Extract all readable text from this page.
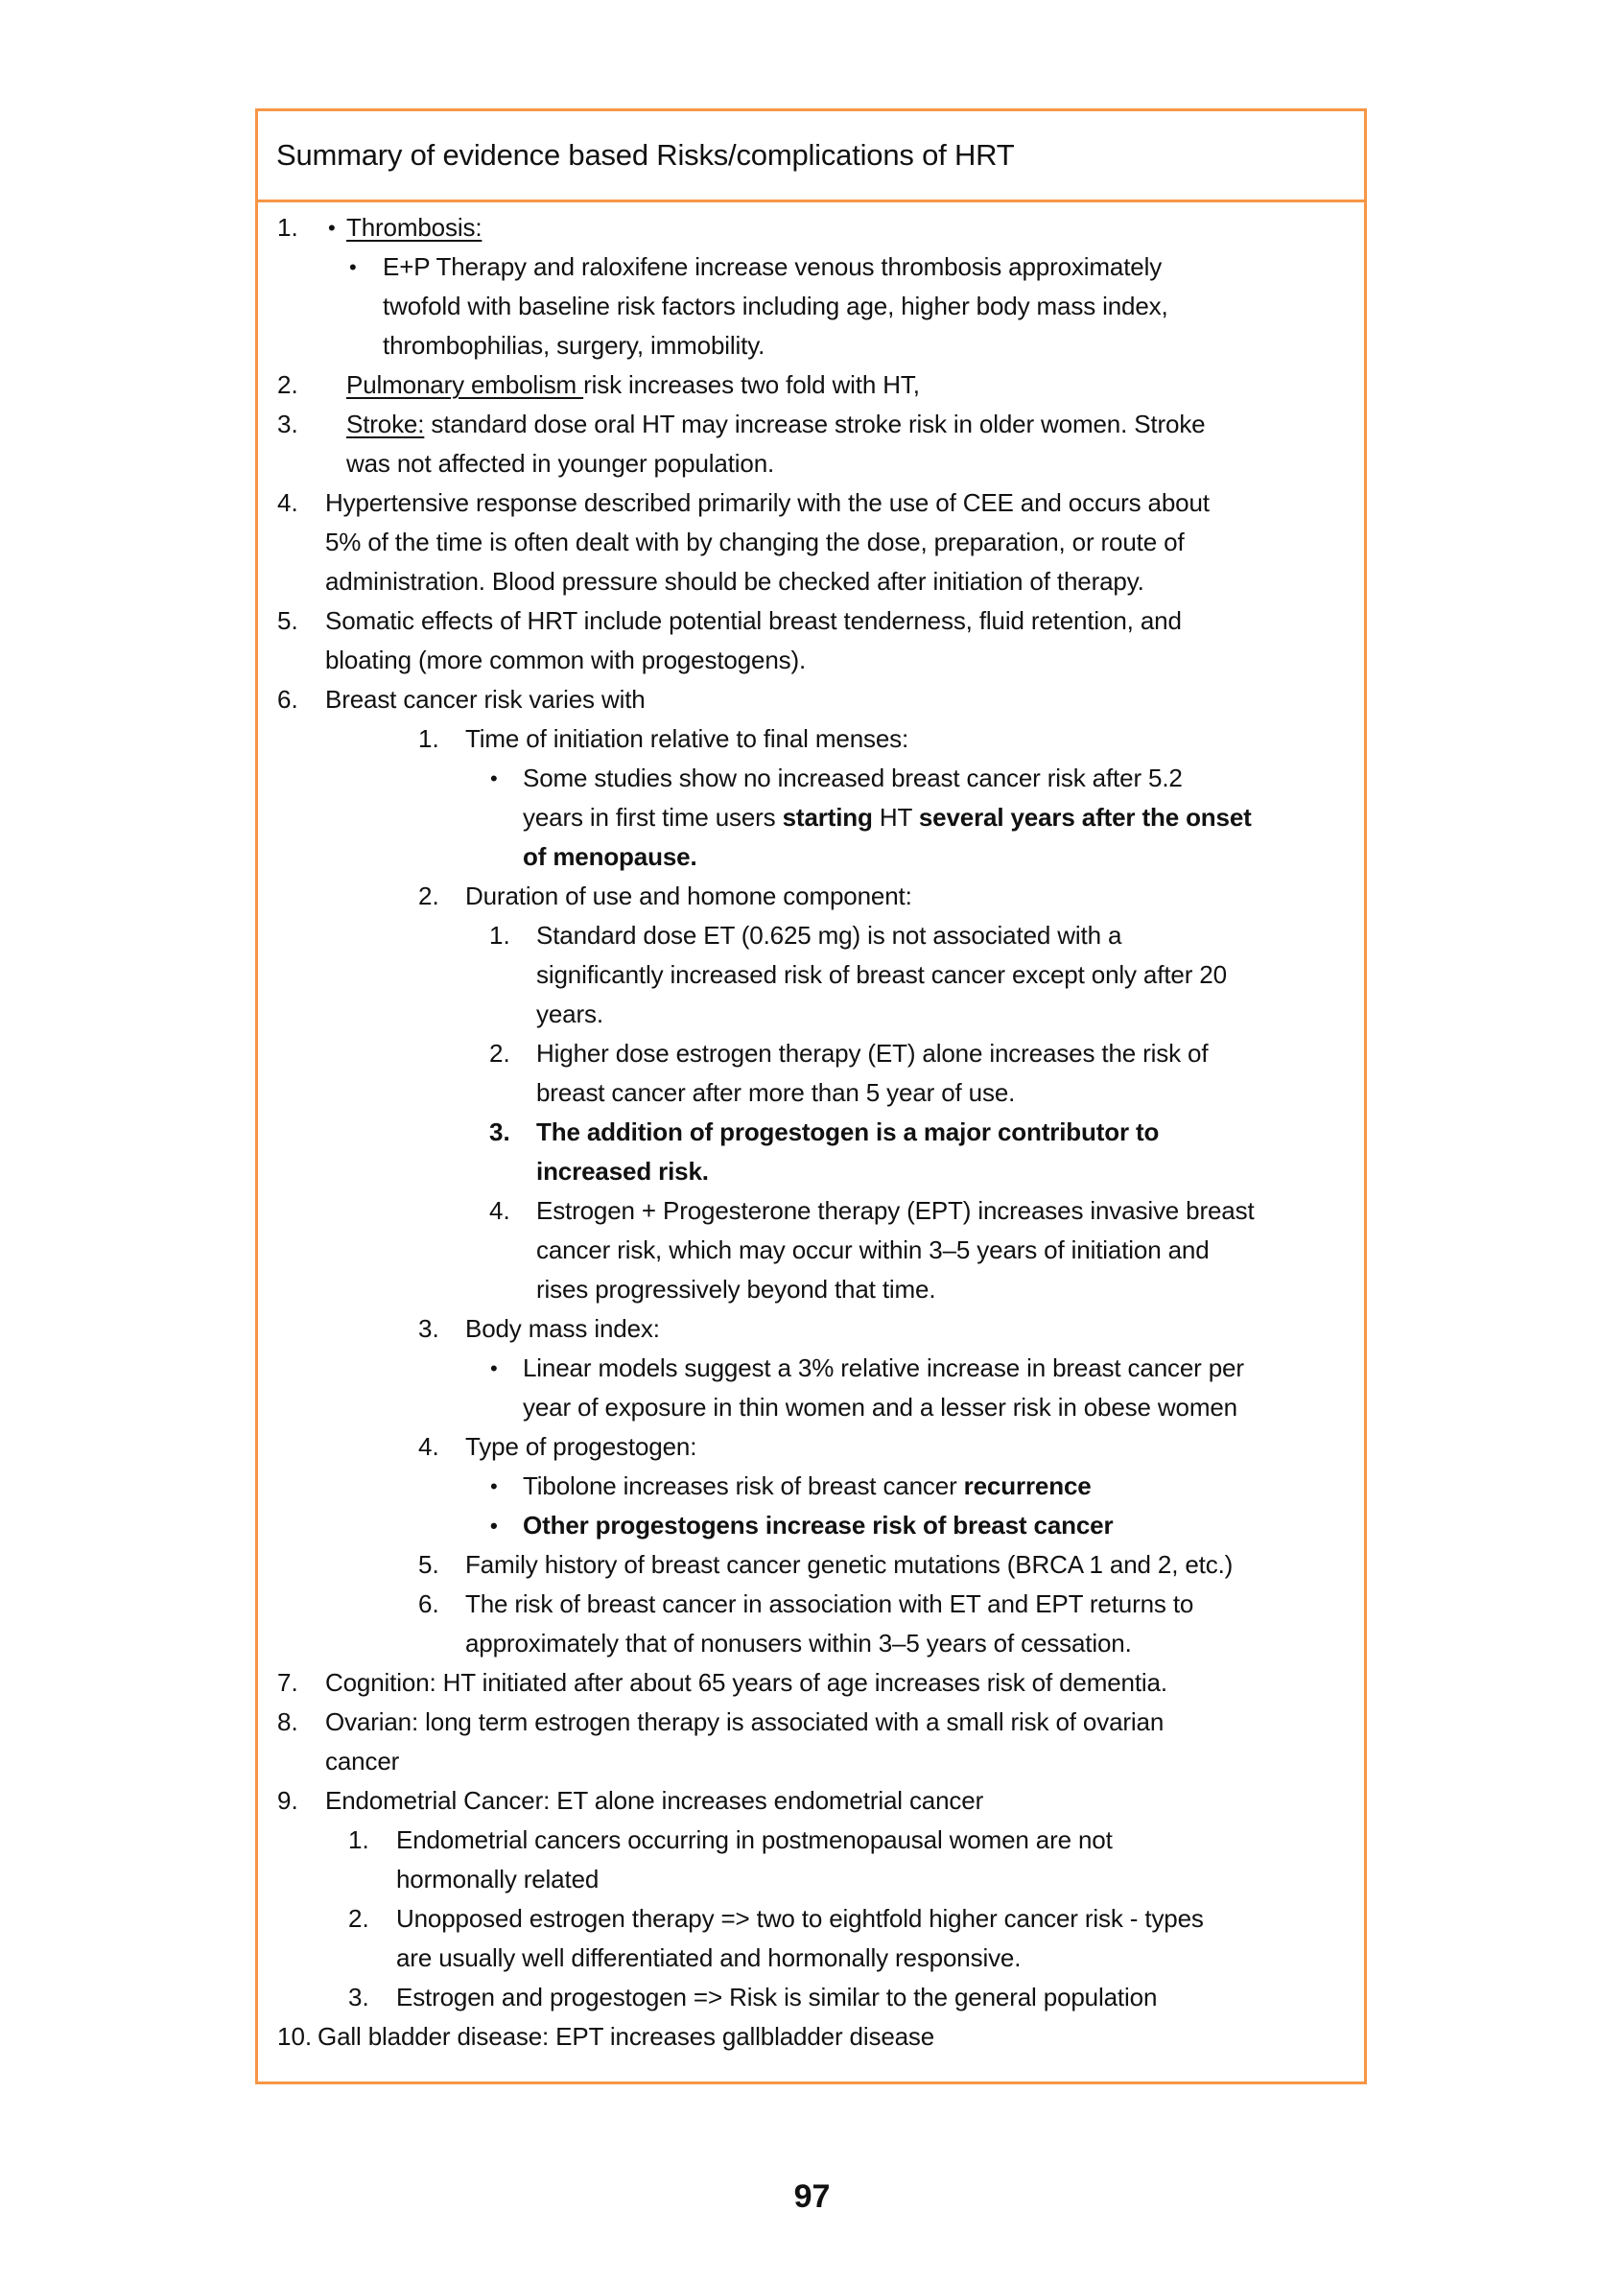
Summary of evidence based Risks/complications of HRT
1. • Thrombosis:
• E+P Therapy and raloxifene increase venous thrombosis approximately
twofold with baseline risk factors including age, higher body mass index,
thrombophilias, surgery, immobility.
2. Pulmonary embolism risk increases two fold with HT,
3. Stroke: standard dose oral HT may increase stroke risk in older women. Stroke
was not affected in younger population.
4. Hypertensive response described primarily with the use of CEE and occurs about
5% of the time is often dealt with by changing the dose, preparation, or route of
administration. Blood pressure should be checked after initiation of therapy.
5. Somatic effects of HRT include potential breast tenderness, fluid retention, and
bloating (more common with progestogens).
6. Breast cancer risk varies with
1. Time of initiation relative to final menses:
• Some studies show no increased breast cancer risk after 5.2
years in first time users starting HT several years after the onset
of menopause.
2. Duration of use and homone component:
1. Standard dose ET (0.625 mg) is not associated with a
significantly increased risk of breast cancer except only after 20
years.
2. Higher dose estrogen therapy (ET) alone increases the risk of
breast cancer after more than 5 year of use.
3. The addition of progestogen is a major contributor to
increased risk.
4. Estrogen + Progesterone therapy (EPT) increases invasive breast
cancer risk, which may occur within 3–5 years of initiation and
rises progressively beyond that time.
3. Body mass index:
• Linear models suggest a 3% relative increase in breast cancer per
year of exposure in thin women and a lesser risk in obese women
4. Type of progestogen:
• Tibolone increases risk of breast cancer recurrence
• Other progestogens increase risk of breast cancer
5. Family history of breast cancer genetic mutations (BRCA 1 and 2, etc.)
6. The risk of breast cancer in association with ET and EPT returns to
approximately that of nonusers within 3–5 years of cessation.
7. Cognition: HT initiated after about 65 years of age increases risk of dementia.
8. Ovarian: long term estrogen therapy is associated with a small risk of ovarian
cancer
9. Endometrial Cancer: ET alone increases endometrial cancer
1. Endometrial cancers occurring in postmenopausal women are not
hormonally related
2. Unopposed estrogen therapy => two to eightfold higher cancer risk - types
are usually well differentiated and hormonally responsive.
3. Estrogen and progestogen => Risk is similar to the general population
10. Gall bladder disease: EPT increases gallbladder disease
97
